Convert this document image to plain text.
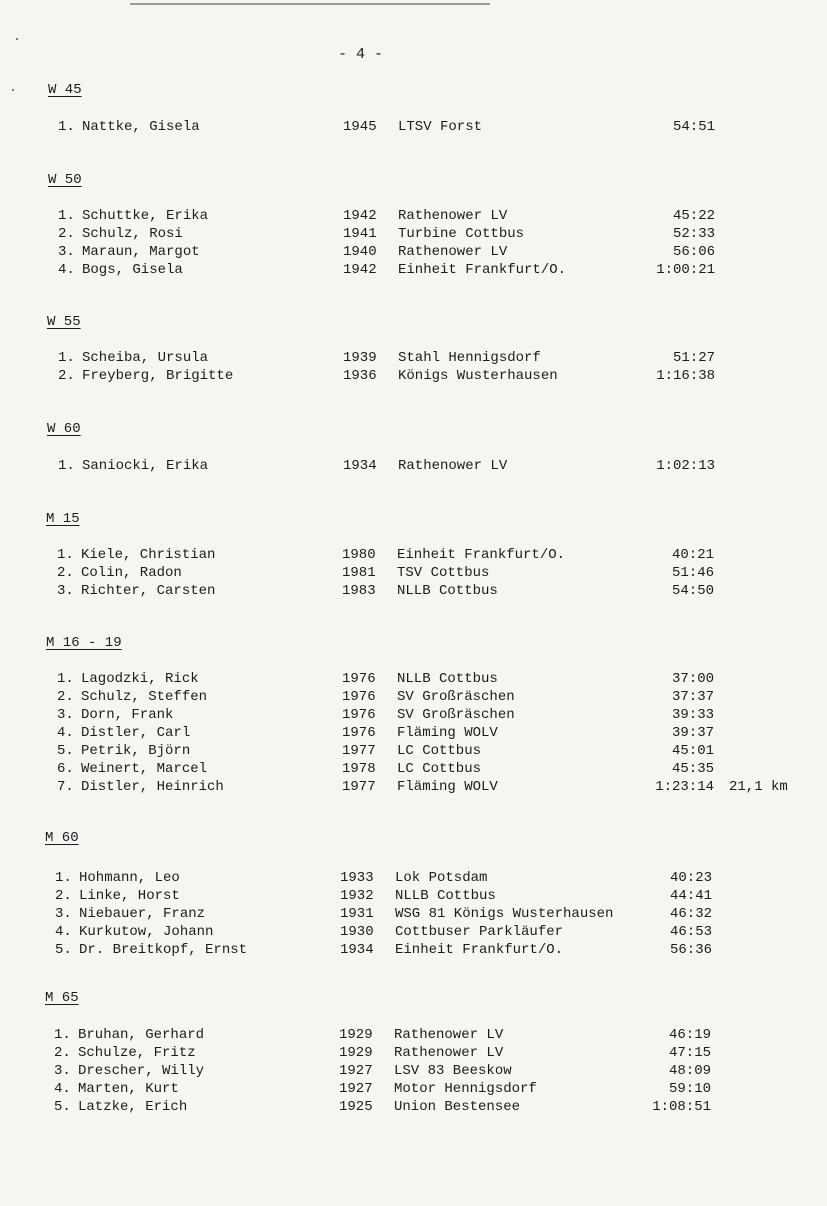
- 4 -
W 45
1. Nattke, Gisela	1945 LTSV Forst	54:51
W 50
1. Schuttke, Erika	1942 Rathenower LV	45:22
2. Schulz, Rosi	1941 Turbine Cottbus	52:33
3. Maraun, Margot	1940 Rathenower LV	56:06
4. Bogs, Gisela	1942 Einheit Frankfurt/O.	1:00:21
W 55
1. Scheiba, Ursula	1939 Stahl Hennigsdorf	51:27
2. Freyberg, Brigitte	1936 Königs Wusterhausen	1:16:38
W 60
1. Saniocki, Erika	1934 Rathenower LV	1:02:13
M 15
1. Kiele, Christian	1980 Einheit Frankfurt/O.	40:21
2. Colin, Radon	1981 TSV Cottbus	51:46
3. Richter, Carsten	1983 NLLB Cottbus	54:50
M 16 - 19
1. Lagodzki, Rick	1976 NLLB Cottbus	37:00
2. Schulz, Steffen	1976 SV Großräschen	37:37
3. Dorn, Frank	1976 SV Großräschen	39:33
4. Distler, Carl	1976 Fläming WOLV	39:37
5. Petrik, Björn	1977 LC Cottbus	45:01
6. Weinert, Marcel	1978 LC Cottbus	45:35
7. Distler, Heinrich	1977 Fläming WOLV	1:23:14 21,1 km
M 60
1. Hohmann, Leo	1933 Lok Potsdam	40:23
2. Linke, Horst	1932 NLLB Cottbus	44:41
3. Niebauer, Franz	1931 WSG 81 Königs Wusterhausen	46:32
4. Kurkutow, Johann	1930 Cottbuser Parkläufer	46:53
5. Dr. Breitkopf, Ernst	1934 Einheit Frankfurt/O.	56:36
M 65
1. Bruhan, Gerhard	1929 Rathenower LV	46:19
2. Schulze, Fritz	1929 Rathenower LV	47:15
3. Drescher, Willy	1927 LSV 83 Beeskow	48:09
4. Marten, Kurt	1927 Motor Hennigsdorf	59:10
5. Latzke, Erich	1925 Union Bestensee	1:08:51
